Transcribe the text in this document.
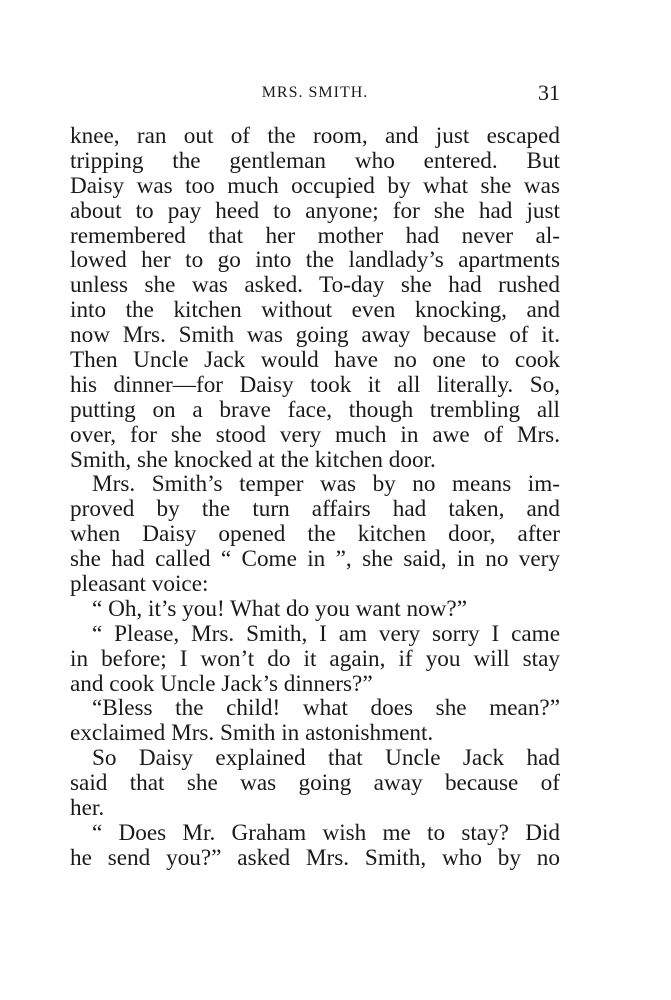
MRS. SMITH.	31
knee, ran out of the room, and just escaped
tripping the gentleman who entered. But
Daisy was too much occupied by what she was
about to pay heed to anyone; for she had just
remembered that her mother had never al-
lowed her to go into the landlady’s apartments
unless she was asked. To-day she had rushed
into the kitchen without even knocking, and
now Mrs. Smith was going away because of it.
Then Uncle Jack would have no one to cook
his dinner—for Daisy took it all literally. So,
putting on a brave face, though trembling all
over, for she stood very much in awe of Mrs.
Smith, she knocked at the kitchen door.
Mrs. Smith’s temper was by no means im-
proved by the turn affairs had taken, and
when Daisy opened the kitchen door, after
she had called “ Come in ”, she said, in no very
pleasant voice:
“ Oh, it’s you! What do you want now?”
“ Please, Mrs. Smith, I am very sorry I came
in before; I won’t do it again, if you will stay
and cook Uncle Jack’s dinners?”
“Bless the child! what does she mean?”
exclaimed Mrs. Smith in astonishment.
So Daisy explained that Uncle Jack had
said that she was going away because of
her.
“ Does Mr. Graham wish me to stay? Did
he send you?” asked Mrs. Smith, who by no
